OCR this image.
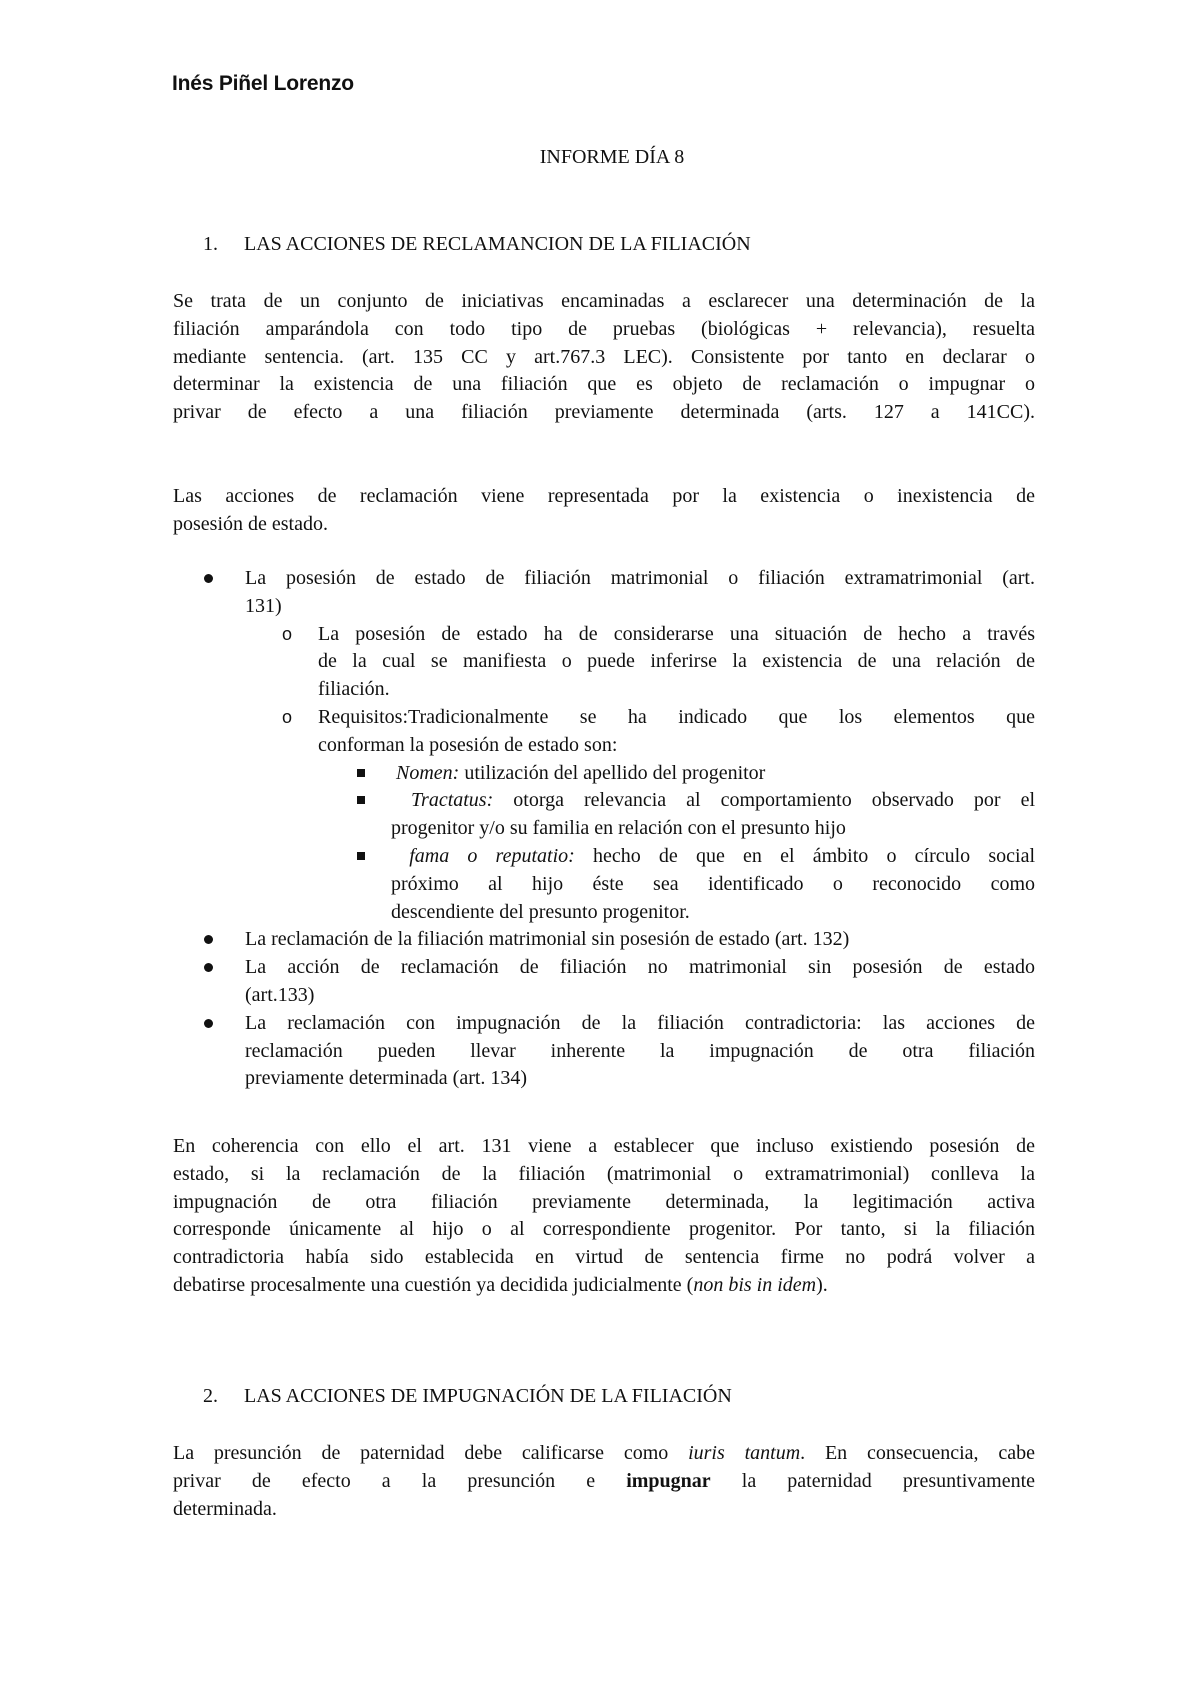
Inés Piñel Lorenzo
INFORME DÍA 8
1. LAS ACCIONES DE RECLAMANCION DE LA FILIACIÓN
Se trata de un conjunto de iniciativas encaminadas a esclarecer una determinación de la
filiación amparándola con todo tipo de pruebas (biológicas + relevancia), resuelta
mediante sentencia. (art. 135 CC y art.767.3 LEC). Consistente por tanto en declarar o
determinar la existencia de una filiación que es objeto de reclamación o impugnar o
privar de efecto a una filiación previamente determinada (arts. 127 a 141CC).
Las acciones de reclamación viene representada por la existencia o inexistencia de
posesión de estado.
La posesión de estado de filiación matrimonial o filiación extramatrimonial (art.
131)
o La posesión de estado ha de considerarse una situación de hecho a través
de la cual se manifiesta o puede inferirse la existencia de una relación de
filiación.
o Requisitos:Tradicionalmente se ha indicado que los elementos que
conforman la posesión de estado son:
Nomen: utilización del apellido del progenitor
Tractatus: otorga relevancia al comportamiento observado por el
progenitor y/o su familia en relación con el presunto hijo
fama o reputatio: hecho de que en el ámbito o círculo social
próximo al hijo éste sea identificado o reconocido como
descendiente del presunto progenitor.
La reclamación de la filiación matrimonial sin posesión de estado (art. 132)
La acción de reclamación de filiación no matrimonial sin posesión de estado
(art.133)
La reclamación con impugnación de la filiación contradictoria: las acciones de
reclamación pueden llevar inherente la impugnación de otra filiación
previamente determinada (art. 134)
En coherencia con ello el art. 131 viene a establecer que incluso existiendo posesión de
estado, si la reclamación de la filiación (matrimonial o extramatrimonial) conlleva la
impugnación de otra filiación previamente determinada, la legitimación activa
corresponde únicamente al hijo o al correspondiente progenitor. Por tanto, si la filiación
contradictoria había sido establecida en virtud de sentencia firme no podrá volver a
debatirse procesalmente una cuestión ya decidida judicialmente (non bis in idem).
2. LAS ACCIONES DE IMPUGNACIÓN DE LA FILIACIÓN
La presunción de paternidad debe calificarse como iuris tantum. En consecuencia, cabe
privar de efecto a la presunción e impugnar la paternidad presuntivamente
determinada.
